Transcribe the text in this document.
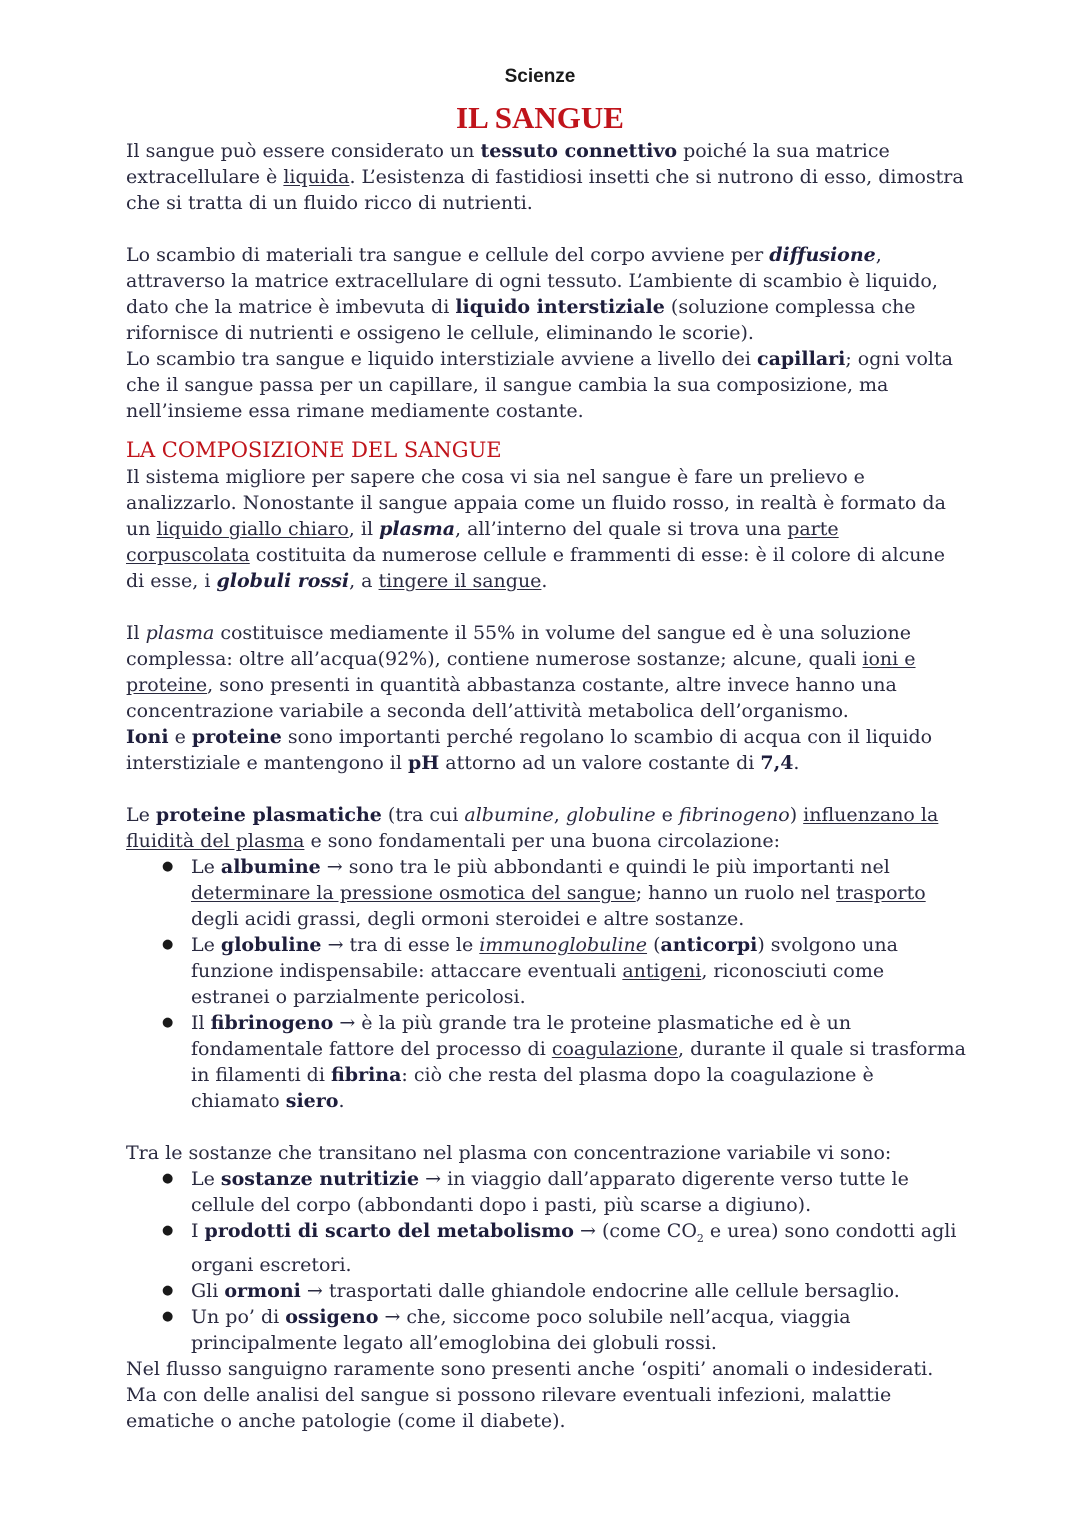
Scienze
IL SANGUE

Il sangue può essere considerato un tessuto connettivo poiché la sua matrice extracellulare è liquida. L’esistenza di fastidiosi insetti che si nutrono di esso, dimostra che si tratta di un fluido ricco di nutrienti.

Lo scambio di materiali tra sangue e cellule del corpo avviene per diffusione, attraverso la matrice extracellulare di ogni tessuto. L’ambiente di scambio è liquido, dato che la matrice è imbevuta di liquido interstiziale (soluzione complessa che rifornisce di nutrienti e ossigeno le cellule, eliminando le scorie).

Lo scambio tra sangue e liquido interstiziale avviene a livello dei capillari; ogni volta che il sangue passa per un capillare, il sangue cambia la sua composizione, ma nell’insieme essa rimane mediamente costante.

LA COMPOSIZIONE DEL SANGUE

Il sistema migliore per sapere che cosa vi sia nel sangue è fare un prelievo e analizzarlo. Nonostante il sangue appaia come un fluido rosso, in realtà è formato da un liquido giallo chiaro, il plasma, all’interno del quale si trova una parte corpuscolata costituita da numerose cellule e frammenti di esse: è il colore di alcune di esse, i globuli rossi, a tingere il sangue.

Il plasma costituisce mediamente il 55% in volume del sangue ed è una soluzione complessa: oltre all’acqua(92%), contiene numerose sostanze; alcune, quali ioni e proteine, sono presenti in quantità abbastanza costante, altre invece hanno una concentrazione variabile a seconda dell’attività metabolica dell’organismo.

Ioni e proteine sono importanti perché regolano lo scambio di acqua con il liquido interstiziale e mantengono il pH attorno ad un valore costante di 7,4.

Le proteine plasmatiche (tra cui albumine, globuline e fibrinogeno) influenzano la fluidità del plasma e sono fondamentali per una buona circolazione:

● Le albumine → sono tra le più abbondanti e quindi le più importanti nel determinare la pressione osmotica del sangue; hanno un ruolo nel trasporto degli acidi grassi, degli ormoni steroidei e altre sostanze.
● Le globuline → tra di esse le immunoglobuline (anticorpi) svolgono una funzione indispensabile: attaccare eventuali antigeni, riconosciuti come estranei o parzialmente pericolosi.
● Il fibrinogeno → è la più grande tra le proteine plasmatiche ed è un fondamentale fattore del processo di coagulazione, durante il quale si trasforma in filamenti di fibrina: ciò che resta del plasma dopo la coagulazione è chiamato siero.

Tra le sostanze che transitano nel plasma con concentrazione variabile vi sono:

● Le sostanze nutritizie → in viaggio dall’apparato digerente verso tutte le cellule del corpo (abbondanti dopo i pasti, più scarse a digiuno).
● I prodotti di scarto del metabolismo → (come $CO_2$ e urea) sono condotti agli organi escretori.
● Gli ormoni → trasportati dalle ghiandole endocrine alle cellule bersaglio.
● Un po’ di ossigeno → che, siccome poco solubile nell’acqua, viaggia principalmente legato all’emoglobina dei globuli rossi.

Nel flusso sanguigno raramente sono presenti anche ‘ospiti’ anomali o indesiderati. Ma con delle analisi del sangue si possono rilevare eventuali infezioni, malattie ematiche o anche patologie (come il diabete).
